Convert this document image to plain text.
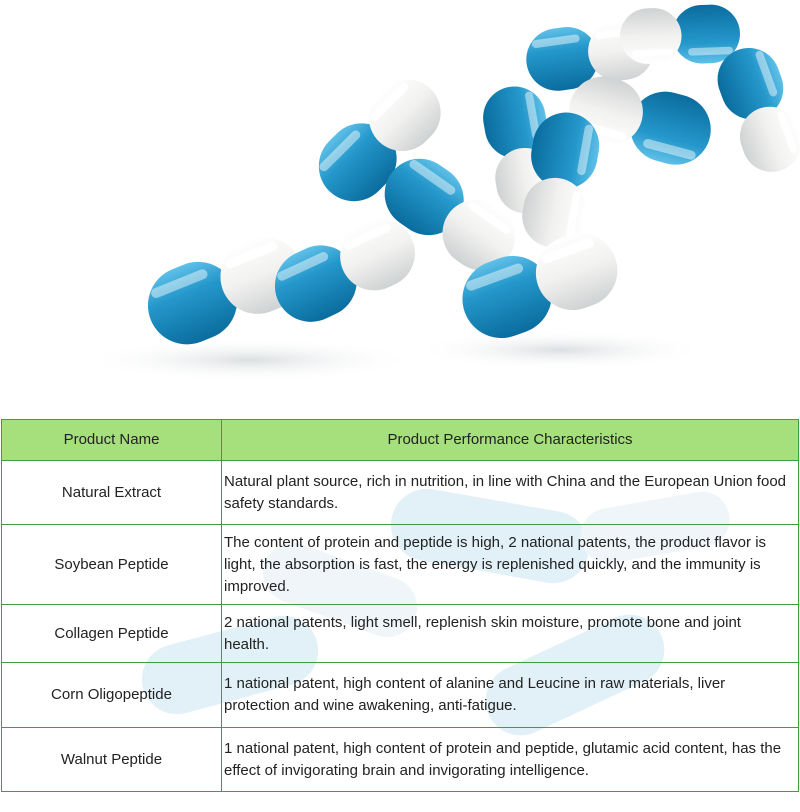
Product Name	Product Performance Characteristics
Natural Extract	Natural plant source, rich in nutrition, in line with China and the European Union food safety standards.
Soybean Peptide	The content of protein and peptide is high, 2 national patents, the product flavor is light, the absorption is fast, the energy is replenished quickly, and the immunity is improved.
Collagen Peptide	2 national patents, light smell, replenish skin moisture, promote bone and joint health.
Corn Oligopeptide	1 national patent, high content of alanine and Leucine in raw materials, liver protection and wine awakening, anti-fatigue.
Walnut Peptide	1 national patent, high content of protein and peptide, glutamic acid content, has the effect of invigorating brain and invigorating intelligence.
